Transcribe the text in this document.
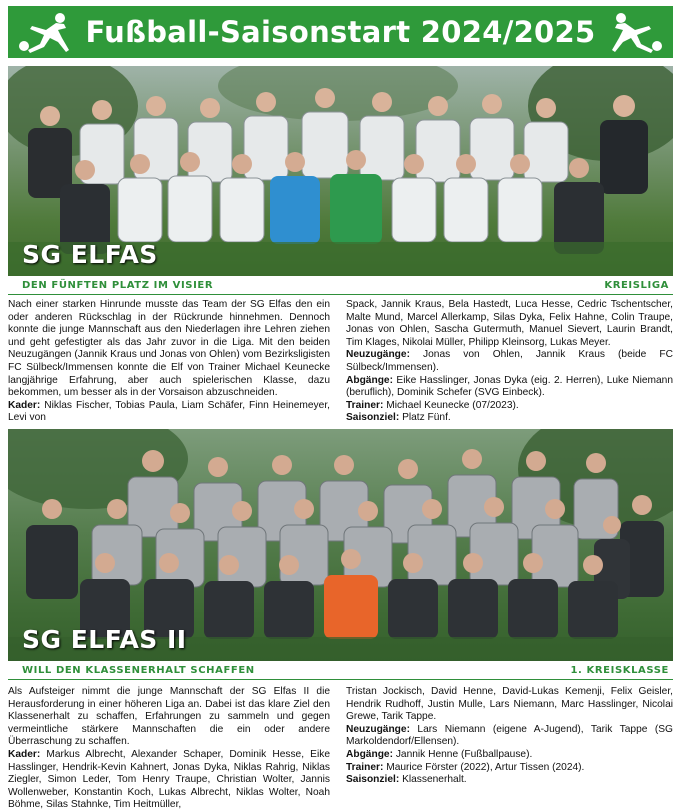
Fußball-Saisonstart 2024/2025
SG ELFAS
DEN FÜNFTEN PLATZ IM VISIER	KREISLIGA

Nach einer starken Hinrunde musste das Team der SG Elfas den ein oder anderen Rückschlag in der Rückrunde hinnehmen. Dennoch konnte die junge Mannschaft aus den Niederlagen ihre Lehren ziehen und geht gefestigter als das Jahr zuvor in die Liga. Mit den beiden Neuzugängen (Jannik Kraus und Jonas von Ohlen) vom Bezirksligisten FC Sülbeck/Immensen konnte die Elf von Trainer Michael Keunecke langjährige Erfahrung, aber auch spielerischen Klasse, dazu bekommen, um besser als in der Vorsaison abzuschneiden.

Kader: Niklas Fischer, Tobias Paula, Liam Schäfer, Finn Heinemeyer, Levi von

Spack, Jannik Kraus, Bela Hastedt, Luca Hesse, Cedric Tschentscher, Malte Mund, Marcel Allerkamp, Silas Dyka, Felix Hahne, Colin Traupe, Jonas von Ohlen, Sascha Gutermuth, Manuel Sievert, Laurin Brandt, Tim Klages, Nikolai Müller, Philipp Kleinsorg, Lukas Meyer.

Neuzugänge: Jonas von Ohlen, Jannik Kraus (beide FC Sülbeck/Immensen).

Abgänge: Eike Hasslinger, Jonas Dyka (eig. 2. Herren), Luke Niemann (beruflich), Dominik Schefer (SVG Einbeck).

Trainer: Michael Keunecke (07/2023).

Saisonziel: Platz Fünf.

SG ELFAS II
WILL DEN KLASSENERHALT SCHAFFEN	1. KREISKLASSE

Als Aufsteiger nimmt die junge Mannschaft der SG Elfas II die Herausforderung in einer höheren Liga an. Dabei ist das klare Ziel den Klassenerhalt zu schaffen, Erfahrungen zu sammeln und gegen vermeintliche stärkere Mannschaften die ein oder andere Überraschung zu schaffen.

Kader: Markus Albrecht, Alexander Schaper, Dominik Hesse, Eike Hasslinger, Hendrik-Kevin Kahnert, Jonas Dyka, Niklas Rahrig, Niklas Ziegler, Simon Leder, Tom Henry Traupe, Christian Wolter, Jannis Wollenweber, Konstantin Koch, Lukas Albrecht, Niklas Wolter, Noah Böhme, Silas Stahnke, Tim Heitmüller,

Tristan Jockisch, David Henne, David-Lukas Kemenji, Felix Geisler, Hendrik Rudhoff, Justin Mulle, Lars Niemann, Marc Hasslinger, Nicolai Grewe, Tarik Tappe.

Neuzugänge: Lars Niemann (eigene A-Jugend), Tarik Tappe (SG Markoldendorf/Ellensen).

Abgänge: Jannik Henne (Fußballpause).

Trainer: Maurice Förster (2022), Artur Tissen (2024).

Saisonziel: Klassenerhalt.
